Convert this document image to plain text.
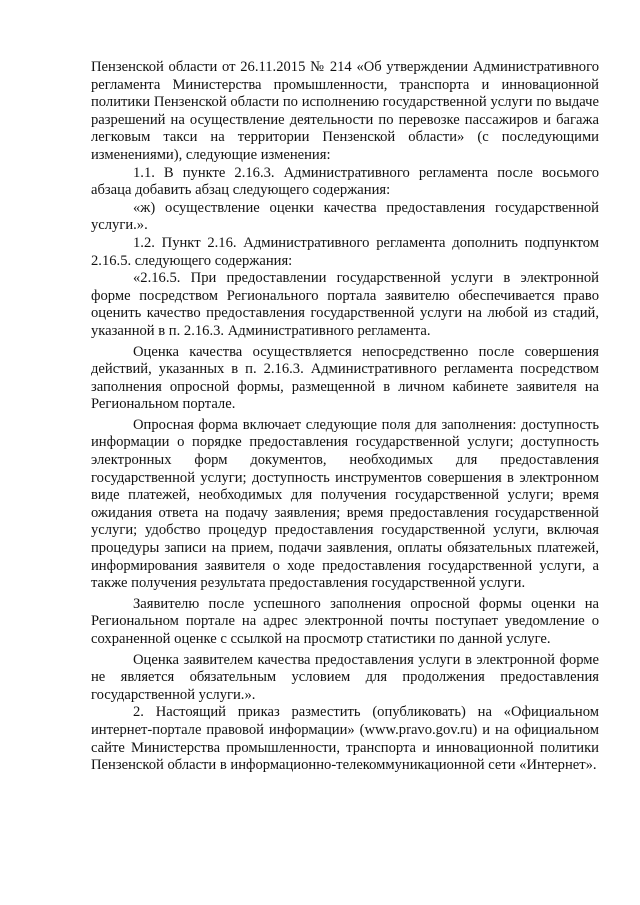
Пензенской области от 26.11.2015 № 214 «Об утверждении Административного регламента Министерства промышленности, транспорта и инновационной политики Пензенской области по исполнению государственной услуги по выдаче разрешений на осуществление деятельности по перевозке пассажиров и багажа легковым такси на территории Пензенской области» (с последующими изменениями), следующие изменения:

1.1. В пункте 2.16.3. Административного регламента после восьмого абзаца добавить абзац следующего содержания:

«ж) осуществление оценки качества предоставления государственной услуги.».

1.2. Пункт 2.16. Административного регламента дополнить подпунктом 2.16.5. следующего содержания:

«2.16.5. При предоставлении государственной услуги в электронной форме посредством Регионального портала заявителю обеспечивается право оценить качество предоставления государственной услуги на любой из стадий, указанной в п. 2.16.3. Административного регламента.

Оценка качества осуществляется непосредственно после совершения действий, указанных в п. 2.16.3. Административного регламента посредством заполнения опросной формы, размещенной в личном кабинете заявителя на Региональном портале.

Опросная форма включает следующие поля для заполнения: доступность информации о порядке предоставления государственной услуги; доступность электронных форм документов, необходимых для предоставления государственной услуги; доступность инструментов совершения в электронном виде платежей, необходимых для получения государственной услуги; время ожидания ответа на подачу заявления; время предоставления государственной услуги; удобство процедур предоставления государственной услуги, включая процедуры записи на прием, подачи заявления, оплаты обязательных платежей, информирования заявителя о ходе предоставления государственной услуги, а также получения результата предоставления государственной услуги.

Заявителю после успешного заполнения опросной формы оценки на Региональном портале на адрес электронной почты поступает уведомление о сохраненной оценке с ссылкой на просмотр статистики по данной услуге.

Оценка заявителем качества предоставления услуги в электронной форме не является обязательным условием для продолжения предоставления государственной услуги.».

2. Настоящий приказ разместить (опубликовать) на «Официальном интернет-портале правовой информации» (www.pravo.gov.ru) и на официальном сайте Министерства промышленности, транспорта и инновационной политики Пензенской области в информационно-телекоммуникационной сети «Интернет».
